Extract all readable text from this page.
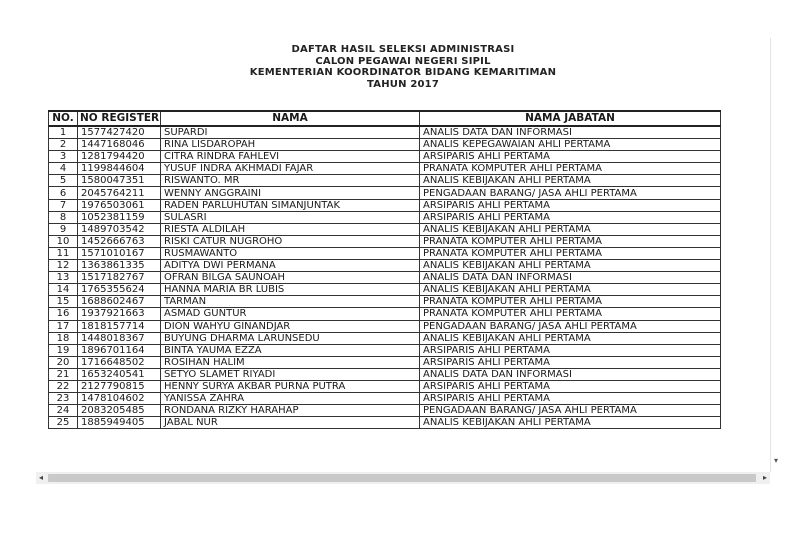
DAFTAR HASIL SELEKSI ADMINISTRASI
CALON PEGAWAI NEGERI SIPIL
KEMENTERIAN KOORDINATOR BIDANG KEMARITIMAN
TAHUN 2017
NO.	NO REGISTER	NAMA	NAMA JABATAN
1	1577427420	SUPARDI	ANALIS DATA DAN INFORMASI
2	1447168046	RINA LISDAROPAH	ANALIS KEPEGAWAIAN AHLI PERTAMA
3	1281794420	CITRA RINDRA FAHLEVI	ARSIPARIS AHLI PERTAMA
4	1199844604	YUSUF INDRA AKHMADI FAJAR	PRANATA KOMPUTER AHLI PERTAMA
5	1580047351	RISWANTO. MR	ANALIS KEBIJAKAN AHLI PERTAMA
6	2045764211	WENNY ANGGRAINI	PENGADAAN BARANG/ JASA AHLI PERTAMA
7	1976503061	RADEN PARLUHUTAN SIMANJUNTAK	ARSIPARIS AHLI PERTAMA
8	1052381159	SULASRI	ARSIPARIS AHLI PERTAMA
9	1489703542	RIESTA ALDILAH	ANALIS KEBIJAKAN AHLI PERTAMA
10	1452666763	RISKI CATUR NUGROHO	PRANATA KOMPUTER AHLI PERTAMA
11	1571010167	RUSMAWANTO	PRANATA KOMPUTER AHLI PERTAMA
12	1363861335	ADITYA DWI PERMANA	ANALIS KEBIJAKAN AHLI PERTAMA
13	1517182767	OFRAN BILGA SAUNOAH	ANALIS DATA DAN INFORMASI
14	1765355624	HANNA MARIA BR LUBIS	ANALIS KEBIJAKAN AHLI PERTAMA
15	1688602467	TARMAN	PRANATA KOMPUTER AHLI PERTAMA
16	1937921663	ASMAD GUNTUR	PRANATA KOMPUTER AHLI PERTAMA
17	1818157714	DION WAHYU GINANDJAR	PENGADAAN BARANG/ JASA AHLI PERTAMA
18	1448018367	BUYUNG DHARMA LARUNSEDU	ANALIS KEBIJAKAN AHLI PERTAMA
19	1896701164	BINTA YAUMA EZZA	ARSIPARIS AHLI PERTAMA
20	1716648502	ROSIHAN HALIM	ARSIPARIS AHLI PERTAMA
21	1653240541	SETYO SLAMET RIYADI	ANALIS DATA DAN INFORMASI
22	2127790815	HENNY SURYA AKBAR PURNA PUTRA	ARSIPARIS AHLI PERTAMA
23	1478104602	YANISSA ZAHRA	ARSIPARIS AHLI PERTAMA
24	2083205485	RONDANA RIZKY HARAHAP	PENGADAAN BARANG/ JASA AHLI PERTAMA
25	1885949405	JABAL NUR	ANALIS KEBIJAKAN AHLI PERTAMA
▾
◂	▸
